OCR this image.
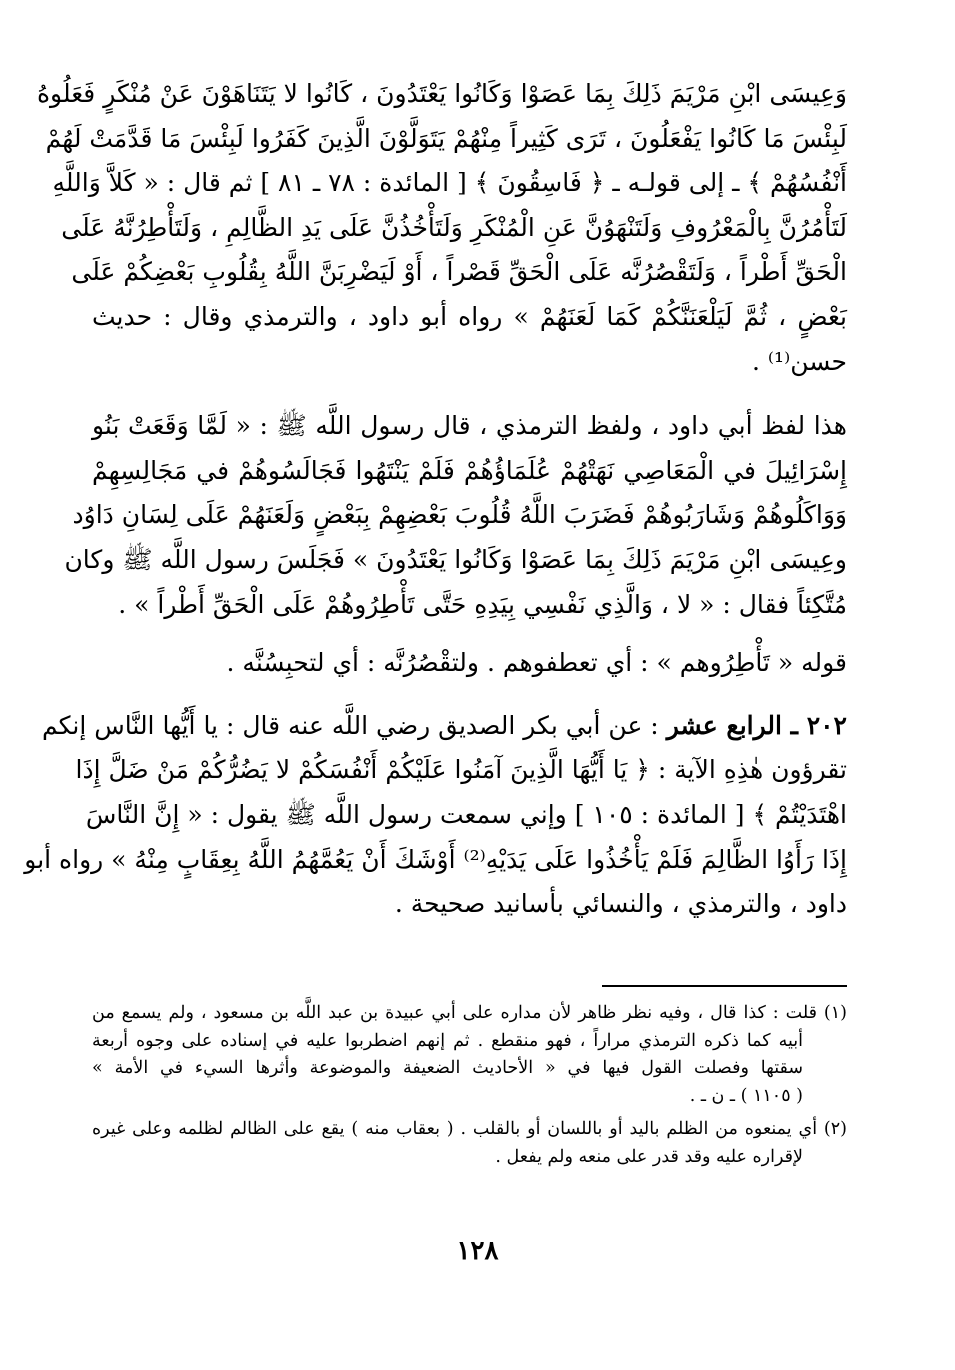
وَعِيسَى ابْنِ مَرْيَمَ ذَلِكَ بِمَا عَصَوْا وَكَانُوا يَعْتَدُونَ ، كَانُوا لا يَتَنَاهَوْنَ عَنْ مُنْكَرٍ فَعَلُوهُ
لَبِئْسَ مَا كَانُوا يَفْعَلُونَ ، تَرَى كَثِيراً مِنْهُمْ يَتَوَلَّوْنَ الَّذِينَ كَفَرُوا لَبِئْسَ مَا قَدَّمَتْ لَهُمْ
أَنْفُسُهُمْ ﴾ ـ إلى قولـه ـ ﴿ فَاسِقُونَ ﴾ [ المائدة : ٧٨ ـ ٨١ ] ثم قال : « كَلاَّ وَاللَّهِ
لَتَأْمُرُنَّ بِالْمَعْرُوفِ وَلَتَنْهَوُنَّ عَنِ الْمُنْكَرِ وَلَتَأْخُذُنَّ عَلَى يَدِ الظَّالِمِ ، وَلَتَأْطِرُنَّهُ عَلَى
الْحَقِّ أَطْراً ، وَلَتَقْصُرُنَّه عَلَى الْحَقِّ قَصْراً ، أَوْ لَيَضْرِبَنَّ اللَّهُ بِقُلُوبِ بَعْضِكُمْ عَلَى
بَعْضٍ ، ثُمَّ لَيَلْعَنَنَّكُمْ كَمَا لَعَنَهُمْ » رواه أبو داود ، والترمذي وقال : حديث
حسن⁽¹⁾ .

هذا لفظ أبي داود ، ولفظ الترمذي ، قال رسول اللَّه ﷺ : « لَمَّا وَقَعَتْ بَنُو
إِسْرَائِيلَ في الْمَعَاصِي نَهَتْهُمْ عُلَمَاؤُهُمْ فَلَمْ يَنْتَهُوا فَجَالَسُوهُمْ في مَجَالِسِهِمْ
وَوَاكَلُوهُمْ وَشَارَبُوهُمْ فَضَرَبَ اللَّهُ قُلُوبَ بَعْضِهِمْ بِبَعْضٍ وَلَعَنَهُمْ عَلَى لِسَانِ دَاوُد
وعِيسَى ابْنِ مَرْيَمَ ذَلِكَ بِمَا عَصَوْا وَكَانُوا يَعْتَدُونَ » فَجَلَسَ رسول اللَّه ﷺ وكان
مُتَّكِئاً فقال : « لا ، وَالَّذِي نَفْسِي بِيَدِهِ حَتَّى تَأْطِرُوهُمْ عَلَى الْحَقِّ أَطْراً » .

قوله « تَأْطِرُوهم » : أي تعطفوهم . ولتقْصُرُنَّه : أي لتحبِسُنَّه .

٢٠٢ ـ الرابع عشر : عن أبي بكر الصديق رضي اللَّه عنه قال : يا أَيُّها النَّاس إنكم
تقرؤون هٰذِهِ الآية : ﴿ يَا أَيُّهَا الَّذِينَ آمَنُوا عَلَيْكُمْ أَنْفُسَكُمْ لا يَضُرُّكُمْ مَنْ ضَلَّ إِذَا
اهْتَدَيْتُمْ ﴾ [ المائدة : ١٠٥ ] وإني سمعت رسول اللَّه ﷺ يقول : « إِنَّ النَّاسَ
إِذَا رَأَوُا الظَّالِمَ فَلَمْ يَأْخُذُوا عَلَى يَدَيْهِ⁽²⁾ أَوْشَكَ أَنْ يَعُمَّهُمُ اللَّهُ بِعِقَابٍ مِنْهُ » رواه أبو
داود ، والترمذي ، والنسائي بأسانيد صحيحة .

(١) قلت : كذا قال ، وفيه نظر ظاهر لأن مداره على أبي عبيدة بن عبد اللَّه بن مسعود ، ولم يسمع من
أبيه كما ذكره الترمذي مراراً ، فهو منقطع . ثم إنهم اضطربوا عليه في إسناده على وجوه أربعة
سقتها وفصلت القول فيها في « الأحاديث الضعيفة والموضوعة وأثرها السيء في الأمة »
( ١١٠٥ ) ـ ن ـ .
(٢) أي يمنعوه من الظلم باليد أو باللسان أو بالقلب . ( بعقاب منه ) يقع على الظالم لظلمه وعلى غيره
لإقراره عليه وقد قدر على منعه ولم يفعل .
١٢٨
